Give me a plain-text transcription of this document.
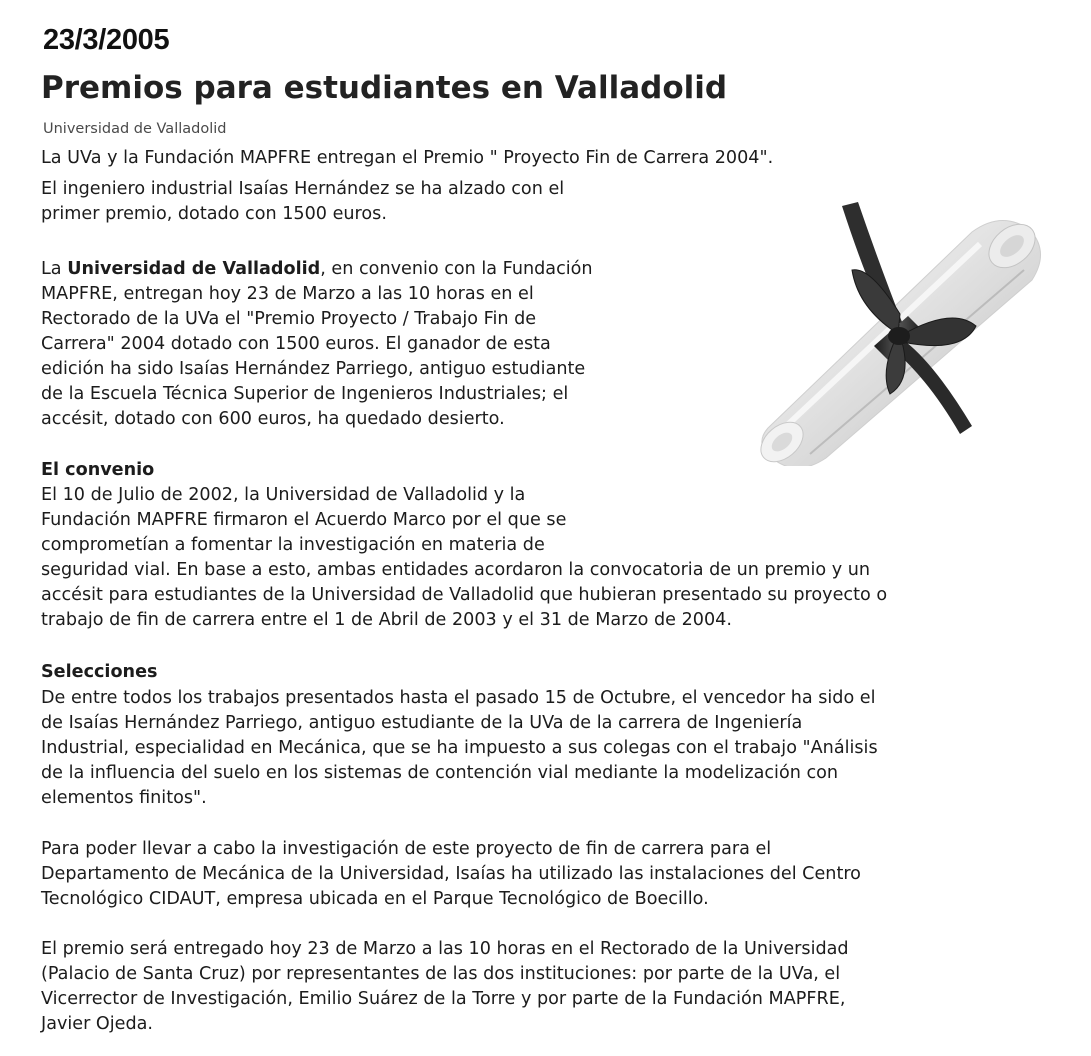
23/3/2005
Premios para estudiantes en Valladolid
Universidad de Valladolid
La UVa y la Fundación MAPFRE entregan el Premio " Proyecto Fin de Carrera 2004".
El ingeniero industrial Isaías Hernández se ha alzado con el
primer premio, dotado con 1500 euros.
La Universidad de Valladolid, en convenio con la Fundación
MAPFRE, entregan hoy 23 de Marzo a las 10 horas en el
Rectorado de la UVa el "Premio Proyecto / Trabajo Fin de
Carrera" 2004 dotado con 1500 euros. El ganador de esta
edición ha sido Isaías Hernández Parriego, antiguo estudiante
de la Escuela Técnica Superior de Ingenieros Industriales; el
accésit, dotado con 600 euros, ha quedado desierto.
El convenio
El 10 de Julio de 2002, la Universidad de Valladolid y la
Fundación MAPFRE firmaron el Acuerdo Marco por el que se
comprometían a fomentar la investigación en materia de
seguridad vial. En base a esto, ambas entidades acordaron la convocatoria de un premio y un
accésit para estudiantes de la Universidad de Valladolid que hubieran presentado su proyecto o
trabajo de fin de carrera entre el 1 de Abril de 2003 y el 31 de Marzo de 2004.
Selecciones
De entre todos los trabajos presentados hasta el pasado 15 de Octubre, el vencedor ha sido el
de Isaías Hernández Parriego, antiguo estudiante de la UVa de la carrera de Ingeniería
Industrial, especialidad en Mecánica, que se ha impuesto a sus colegas con el trabajo "Análisis
de la influencia del suelo en los sistemas de contención vial mediante la modelización con
elementos finitos".
Para poder llevar a cabo la investigación de este proyecto de fin de carrera para el
Departamento de Mecánica de la Universidad, Isaías ha utilizado las instalaciones del Centro
Tecnológico CIDAUT, empresa ubicada en el Parque Tecnológico de Boecillo.
El premio será entregado hoy 23 de Marzo a las 10 horas en el Rectorado de la Universidad
(Palacio de Santa Cruz) por representantes de las dos instituciones: por parte de la UVa, el
Vicerrector de Investigación, Emilio Suárez de la Torre y por parte de la Fundación MAPFRE,
Javier Ojeda.
